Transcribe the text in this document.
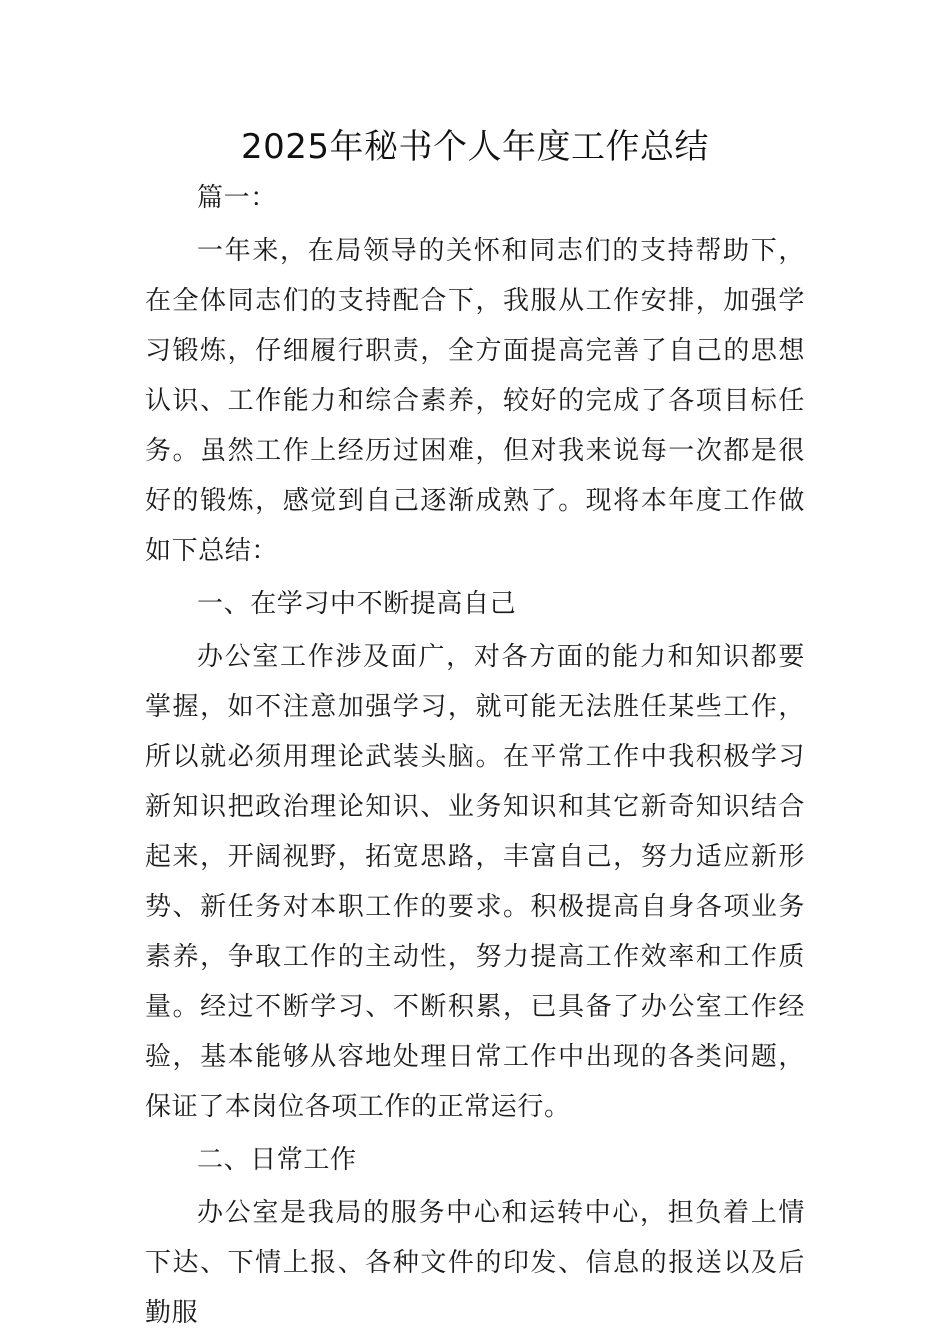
2025年秘书个人年度工作总结

篇一：

一年来，在局领导的关怀和同志们的支持帮助下，在全体同志们的支持配合下，我服从工作安排，加强学习锻炼，仔细履行职责，全方面提高完善了自己的思想认识、工作能力和综合素养，较好的完成了各项目标任务。虽然工作上经历过困难，但对我来说每一次都是很好的锻炼，感觉到自己逐渐成熟了。现将本年度工作做如下总结：

一、在学习中不断提高自己

办公室工作涉及面广，对各方面的能力和知识都要掌握，如不注意加强学习，就可能无法胜任某些工作，所以就必须用理论武装头脑。在平常工作中我积极学习新知识把政治理论知识、业务知识和其它新奇知识结合起来，开阔视野，拓宽思路，丰富自己，努力适应新形势、新任务对本职工作的要求。积极提高自身各项业务素养，争取工作的主动性，努力提高工作效率和工作质量。经过不断学习、不断积累，已具备了办公室工作经验，基本能够从容地处理日常工作中出现的各类问题，保证了本岗位各项工作的正常运行。

二、日常工作

办公室是我局的服务中心和运转中心，担负着上情下达、下情上报、各种文件的印发、信息的报送以及后勤服
